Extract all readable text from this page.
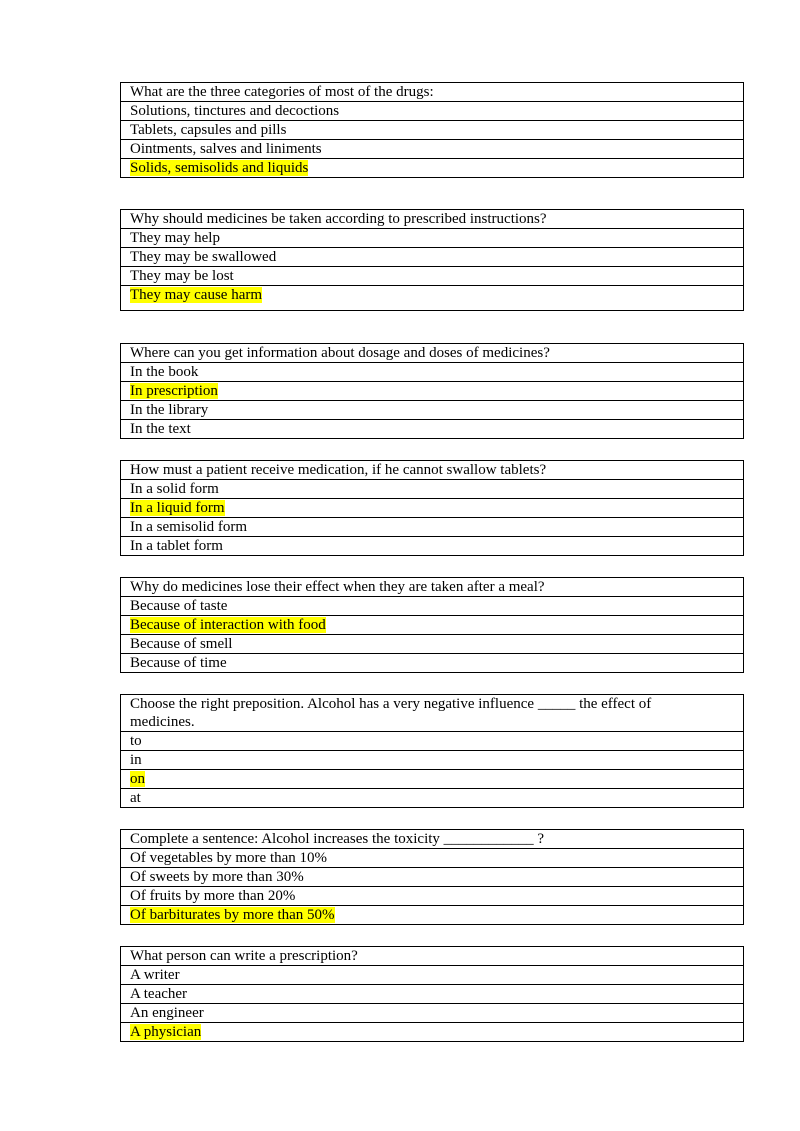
What are the three categories of most of the drugs:
Solutions, tinctures and decoctions
Tablets, capsules and pills
Ointments, salves and liniments
Solids, semisolids and liquids
Why should medicines be taken according to prescribed instructions?
They may help
They may be swallowed
They may be lost
They may cause harm
Where can you get information about dosage and doses of medicines?
In the book
In prescription
In the library
In the text
How must a patient receive medication, if he cannot swallow tablets?
In a solid form
In a liquid form
In a semisolid form
In a tablet form
Why do medicines lose their effect when they are taken after a meal?
Because of taste
Because of interaction with food
Because of smell
Because of time
Choose the right preposition. Alcohol has a very negative influence _____ the effect of medicines.
to
in
on
at
Complete a sentence: Alcohol increases the toxicity ____________ ?
Of vegetables by more than 10%
Of sweets by more than 30%
Of fruits by more than 20%
Of barbiturates by more than 50%
What person can write a prescription?
A writer
A teacher
An engineer
A physician
